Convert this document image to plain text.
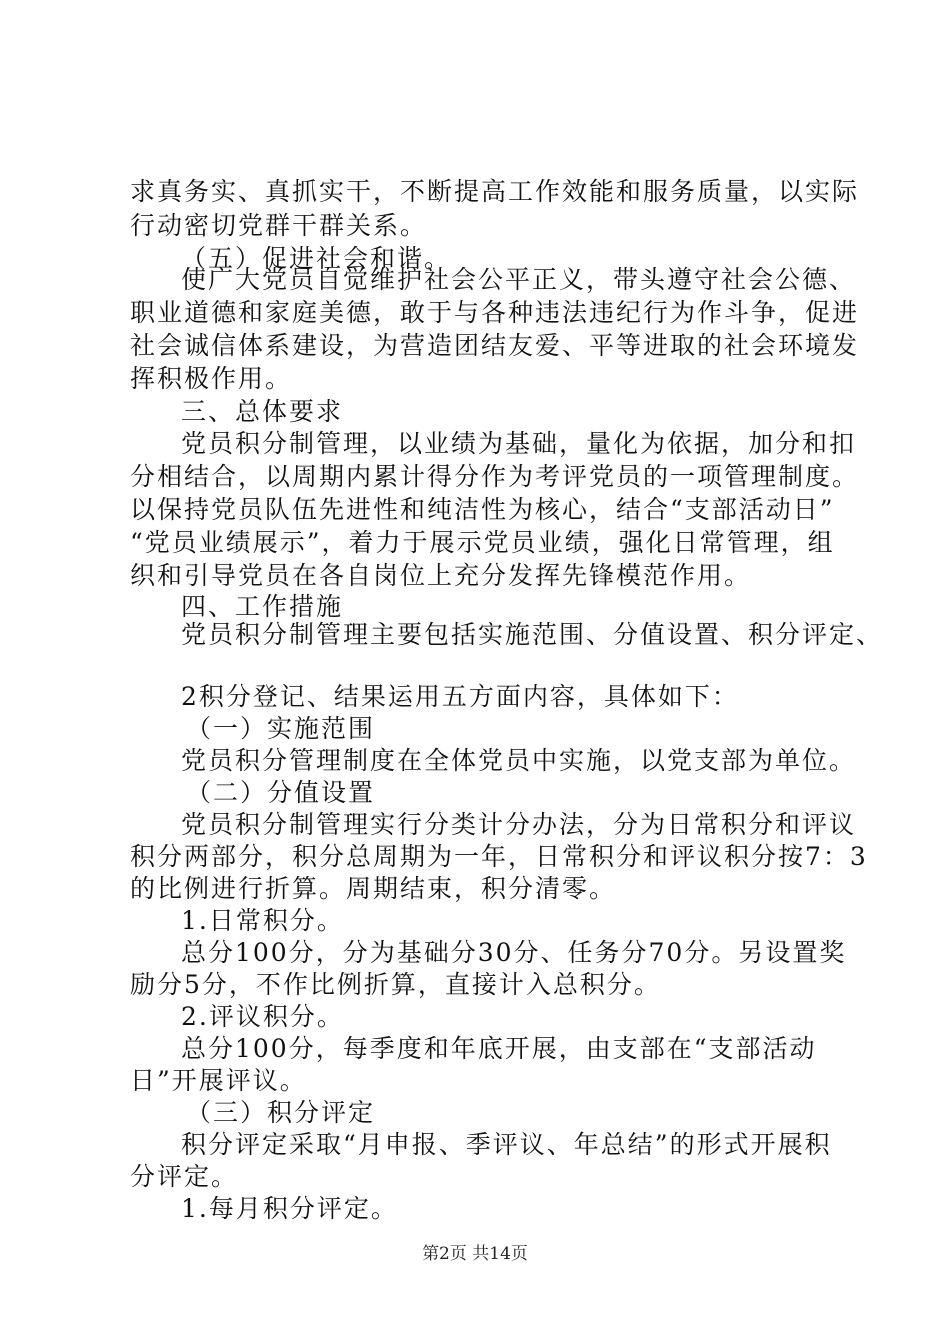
求真务实、真抓实干，不断提高工作效能和服务质量，以实际
行动密切党群干群关系。
（五）促进社会和谐。
使广大党员自觉维护社会公平正义，带头遵守社会公德、
职业道德和家庭美德，敢于与各种违法违纪行为作斗争，促进
社会诚信体系建设，为营造团结友爱、平等进取的社会环境发
挥积极作用。
三、总体要求
党员积分制管理，以业绩为基础，量化为依据，加分和扣
分相结合，以周期内累计得分作为考评党员的一项管理制度。
以保持党员队伍先进性和纯洁性为核心，结合“支部活动日”
“党员业绩展示”，着力于展示党员业绩，强化日常管理，组
织和引导党员在各自岗位上充分发挥先锋模范作用。
四、工作措施
党员积分制管理主要包括实施范围、分值设置、积分评定、
2积分登记、结果运用五方面内容，具体如下：
（一）实施范围
党员积分管理制度在全体党员中实施，以党支部为单位。
（二）分值设置
党员积分制管理实行分类计分办法，分为日常积分和评议
积分两部分，积分总周期为一年，日常积分和评议积分按7：3
的比例进行折算。周期结束，积分清零。
1.日常积分。
总分100分，分为基础分30分、任务分70分。另设置奖
励分5分，不作比例折算，直接计入总积分。
2.评议积分。
总分100分，每季度和年底开展，由支部在“支部活动
日”开展评议。
（三）积分评定
积分评定采取“月申报、季评议、年总结”的形式开展积
分评定。
1.每月积分评定。
第2页 共14页
